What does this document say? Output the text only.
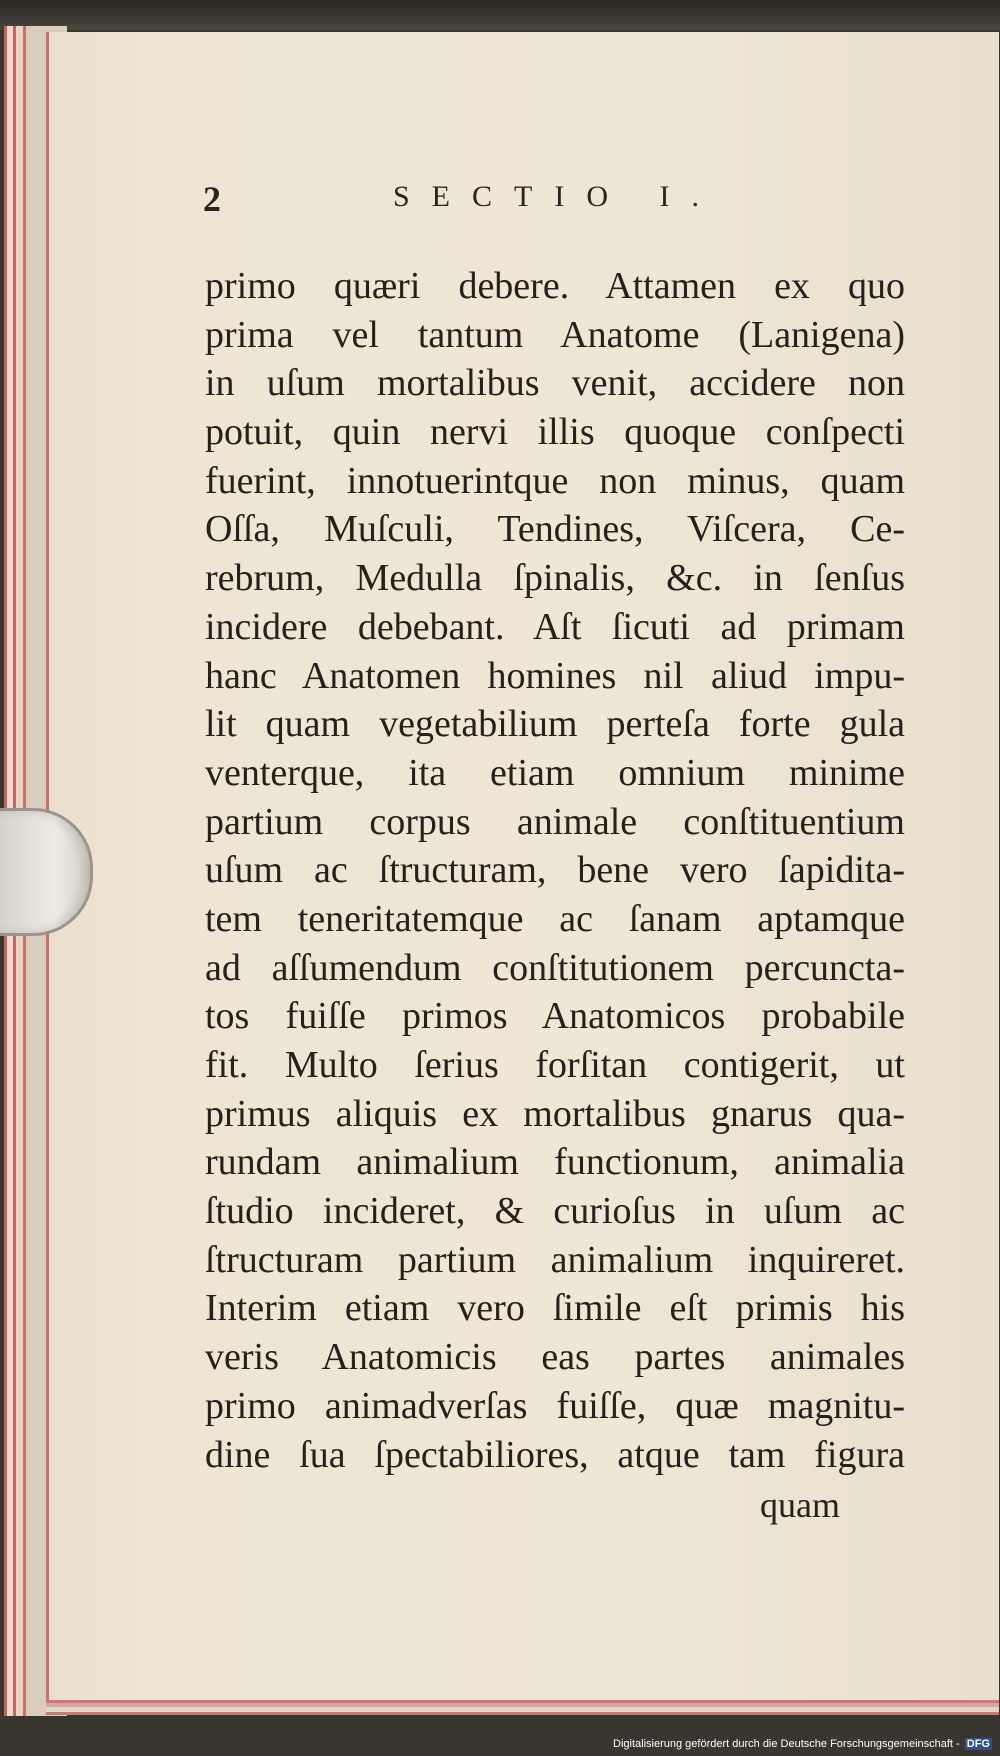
2	SECTIO I.
primo quæri debere. Attamen ex quo
prima vel tantum Anatome (Lanigena)
in uſum mortalibus venit, accidere non
potuit, quin nervi illis quoque conſpecti
fuerint, innotuerintque non minus, quam
Oſſa, Muſculi, Tendines, Viſcera, Ce-
rebrum, Medulla ſpinalis, &c. in ſenſus
incidere debebant. Aſt ſicuti ad primam
hanc Anatomen homines nil aliud impu-
lit quam vegetabilium perteſa forte gula
venterque, ita etiam omnium minime
partium corpus animale conſtituentium
uſum ac ſtructuram, bene vero ſapidita-
tem teneritatemque ac ſanam aptamque
ad aſſumendum conſtitutionem percuncta-
tos fuiſſe primos Anatomicos probabile
fit. Multo ſerius forſitan contigerit, ut
primus aliquis ex mortalibus gnarus qua-
rundam animalium functionum, animalia
ſtudio incideret, & curioſus in uſum ac
ſtructuram partium animalium inquireret.
Interim etiam vero ſimile eſt primis his
veris Anatomicis eas partes animales
primo animadverſas fuiſſe, quæ magnitu-
dine ſua ſpectabiliores, atque tam figura
quam
Digitalisierung gefördert durch die Deutsche Forschungsgemeinschaft - DFG
